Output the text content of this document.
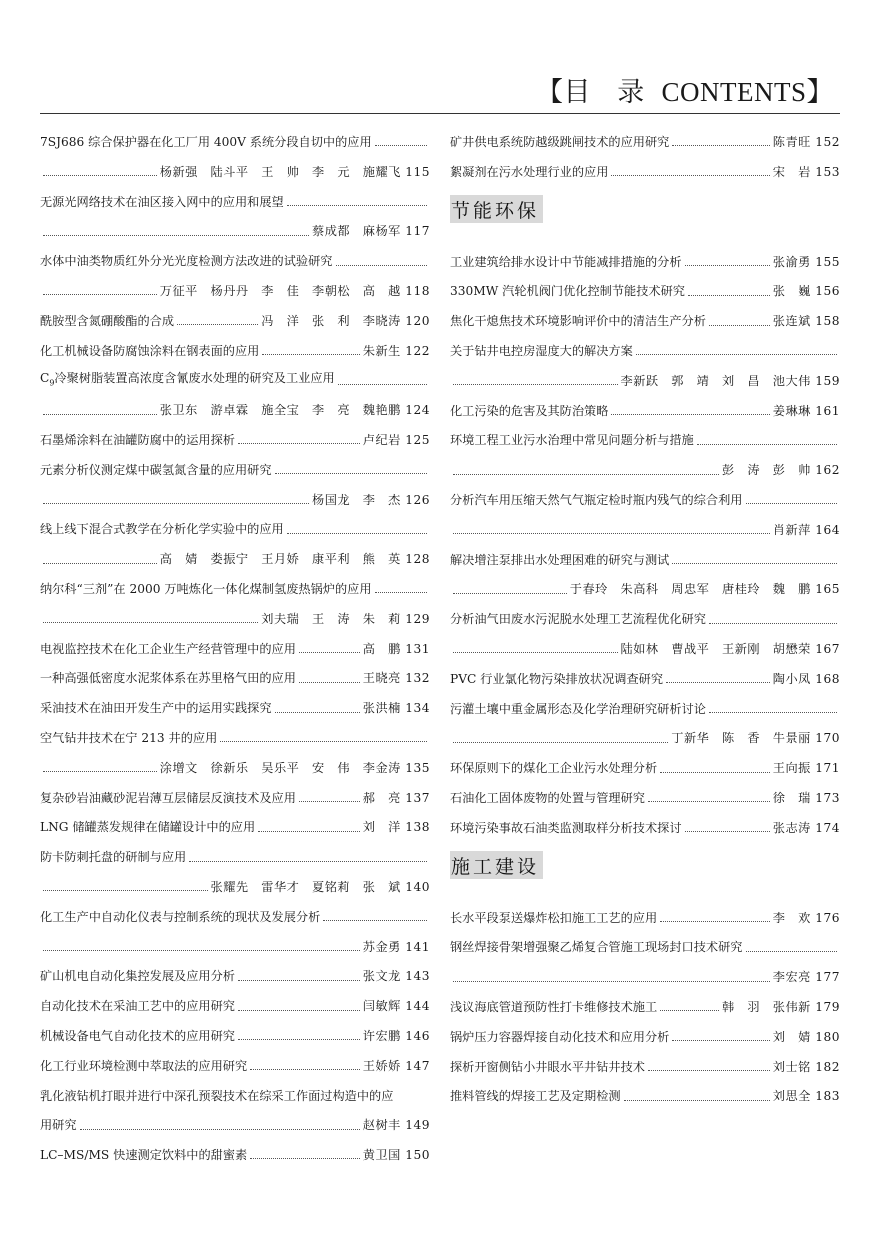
【目 录 CONTENTS】
7SJ686 综合保护器在化工厂用 400V 系统分段自切中的应用
杨新强　陆斗平　王　帅　李　元　施耀飞 115
无源光网络技术在油区接入网中的应用和展望
蔡成都　麻杨军 117
水体中油类物质红外分光光度检测方法改进的试验研究
万征平　杨丹丹　李　佳　李朝松　高　越 118
酰胺型含氮硼酸酯的合成	冯　洋　张　利　李晓涛 120
化工机械设备防腐蚀涂料在钢表面的应用	朱新生 122
$C_9$冷聚树脂装置高浓度含氰废水处理的研究及工业应用
张卫东　游卓霖　施全宝　李　亮　魏艳鹏 124
石墨烯涂料在油罐防腐中的运用探析	卢纪岩 125
元素分析仪测定煤中碳氢氮含量的应用研究
杨国龙　李　杰 126
线上线下混合式教学在分析化学实验中的应用
高　婧　娄振宁　王月娇　康平利　熊　英 128
纳尔科“三剂”在 2000 万吨炼化一体化煤制氢废热锅炉的应用
刘夫瑞　王　涛　朱　莉 129
电视监控技术在化工企业生产经营管理中的应用	高　鹏 131
一种高强低密度水泥浆体系在苏里格气田的应用	王晓亮 132
采油技术在油田开发生产中的运用实践探究	张洪楠 134
空气钻井技术在宁 213 井的应用
涂增文　徐新乐　吴乐平　安　伟　李金涛 135
复杂砂岩油藏砂泥岩薄互层储层反演技术及应用	郝　亮 137
LNG 储罐蒸发规律在储罐设计中的应用	刘　洋 138
防卡防刺托盘的研制与应用
张耀先　雷华才　夏铭莉　张　斌 140
化工生产中自动化仪表与控制系统的现状及发展分析
苏金勇 141
矿山机电自动化集控发展及应用分析	张文龙 143
自动化技术在采油工艺中的应用研究	闫敏辉 144
机械设备电气自动化技术的应用研究	许宏鹏 146
化工行业环境检测中萃取法的应用研究	王娇娇 147
乳化液钻机打眼并进行中深孔预裂技术在综采工作面过构造中的应
用研究	赵树丰 149
LC–MS/MS 快速测定饮料中的甜蜜素	黄卫国 150
矿井供电系统防越级跳闸技术的应用研究	陈青旺 152
絮凝剂在污水处理行业的应用	宋　岩 153
节能环保
工业建筑给排水设计中节能减排措施的分析	张渝勇 155
330MW 汽轮机阀门优化控制节能技术研究	张　巍 156
焦化干熄焦技术环境影响评价中的清洁生产分析	张连斌 158
关于钻井电控房湿度大的解决方案
李新跃　郭　靖　刘　昌　池大伟 159
化工污染的危害及其防治策略	姜琳琳 161
环境工程工业污水治理中常见问题分析与措施
彭　涛　彭　帅 162
分析汽车用压缩天然气气瓶定检时瓶内残气的综合利用
肖新萍 164
解决增注泵排出水处理困难的研究与测试
于春玲　朱高科　周忠军　唐桂玲　魏　鹏 165
分析油气田废水污泥脱水处理工艺流程优化研究
陆如林　曹战平　王新刚　胡懋荣 167
PVC 行业氯化物污染排放状况调查研究	陶小凤 168
污灌土壤中重金属形态及化学治理研究研析讨论
丁新华　陈　香　牛景丽 170
环保原则下的煤化工企业污水处理分析	王向振 171
石油化工固体废物的处置与管理研究	徐　瑞 173
环境污染事故石油类监测取样分析技术探讨	张志涛 174
施工建设
长水平段泵送爆炸松扣施工工艺的应用	李　欢 176
钢丝焊接骨架增强聚乙烯复合管施工现场封口技术研究
李宏亮 177
浅议海底管道预防性打卡维修技术施工	韩　羽　张伟新 179
锅炉压力容器焊接自动化技术和应用分析	刘　婧 180
探析开窗侧钻小井眼水平井钻井技术	刘士铭 182
推料管线的焊接工艺及定期检测	刘思全 183
